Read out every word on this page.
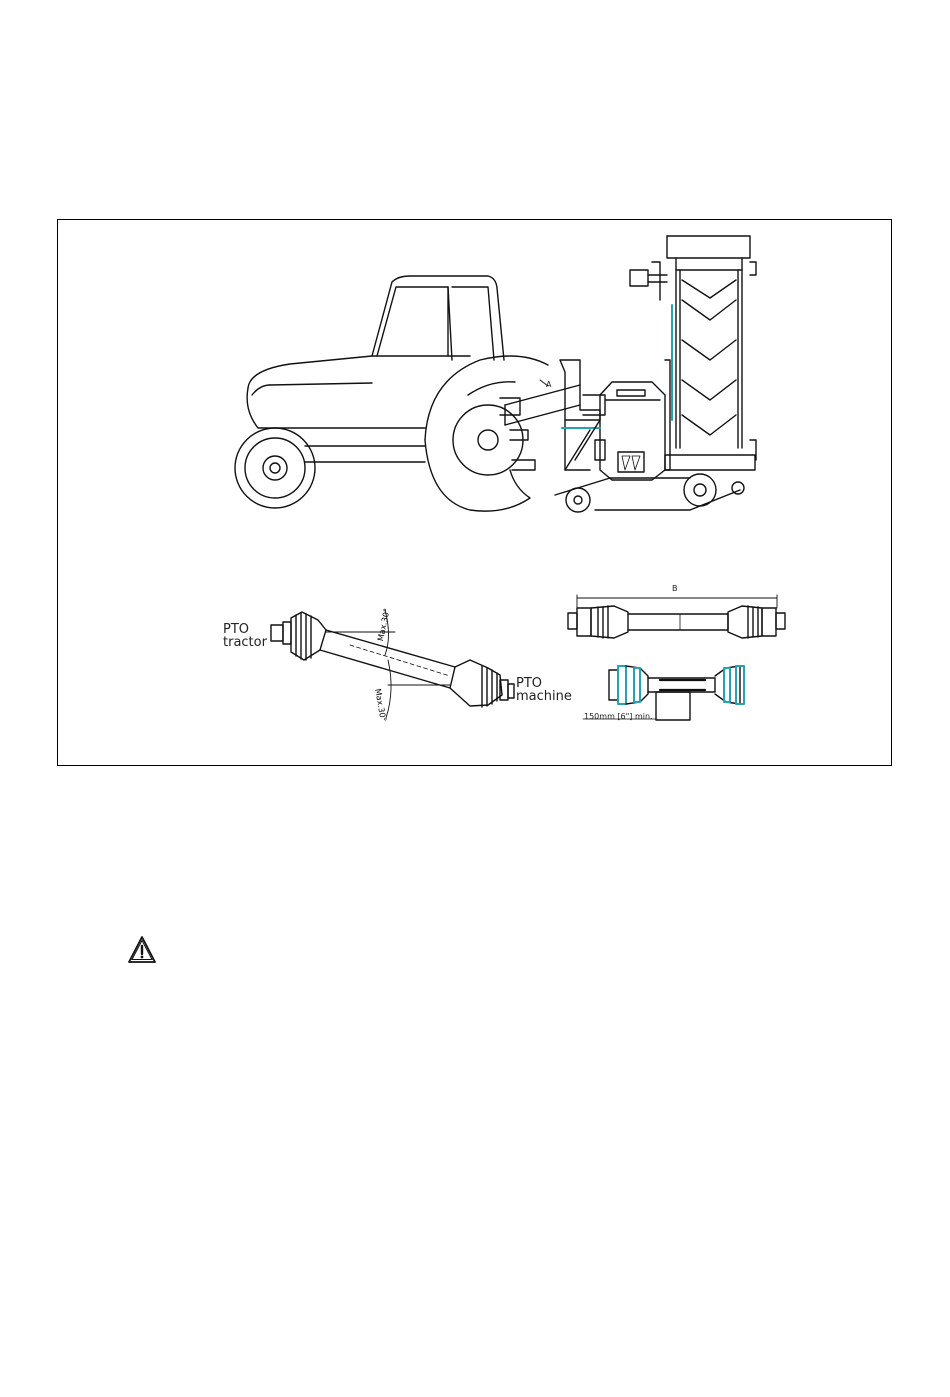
A
B
PTO
tractor
PTO
machine
Max.30°
Max.30°	150mm [6"] min.
